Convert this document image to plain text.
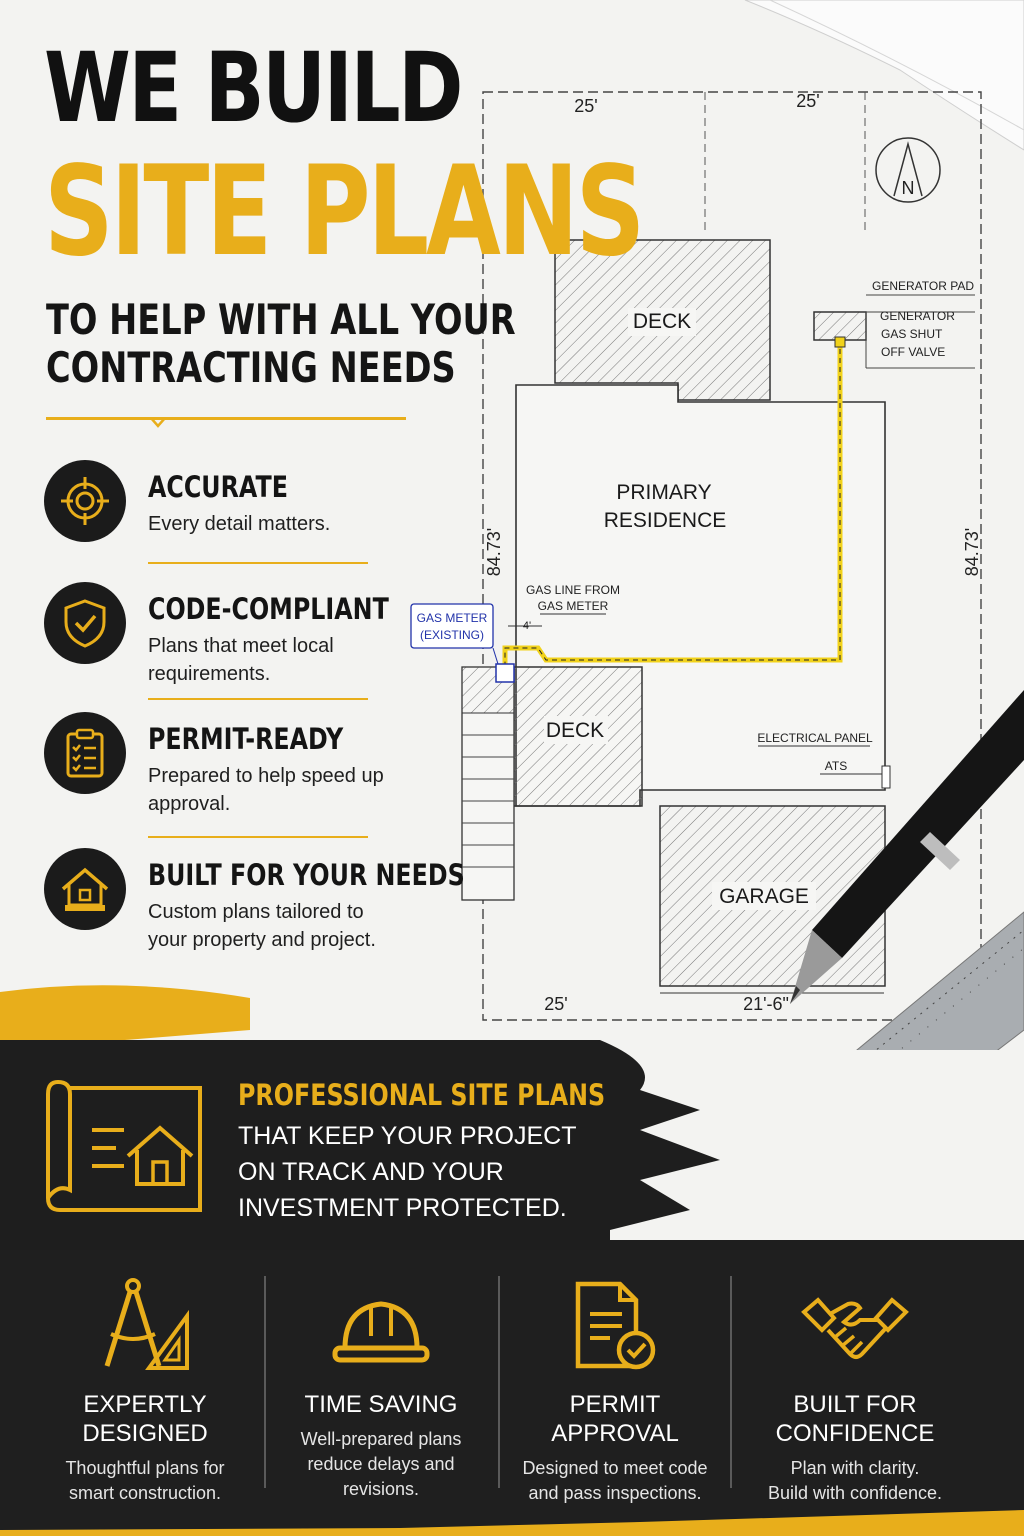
25'	25'
84.73'	84.73'
25'	21'-6"
N
DECK
PRIMARY
RESIDENCE
DECK
GARAGE
GENERATOR PAD
GENERATOR
GAS SHUT
OFF VALVE
GAS LINE FROM
GAS METER
4'
GAS METER
(EXISTING)
ELECTRICAL PANEL
ATS
WE BUILD
SITE PLANS
TO HELP WITH ALL YOUR
CONTRACTING NEEDS
ACCURATE
Every detail matters.
CODE-COMPLIANT
Plans that meet local requirements.
PERMIT-READY
Prepared to help speed up approval.
BUILT FOR YOUR NEEDS
Custom plans tailored to your property and project.
PROFESSIONAL SITE PLANS
THAT KEEP YOUR PROJECT
ON TRACK AND YOUR
INVESTMENT PROTECTED.
EXPERTLY
DESIGNED
Thoughtful plans for
smart construction.
TIME SAVING
Well-prepared plans
reduce delays and
revisions.
PERMIT
APPROVAL
Designed to meet code
and pass inspections.
BUILT FOR
CONFIDENCE
Plan with clarity.
Build with confidence.
